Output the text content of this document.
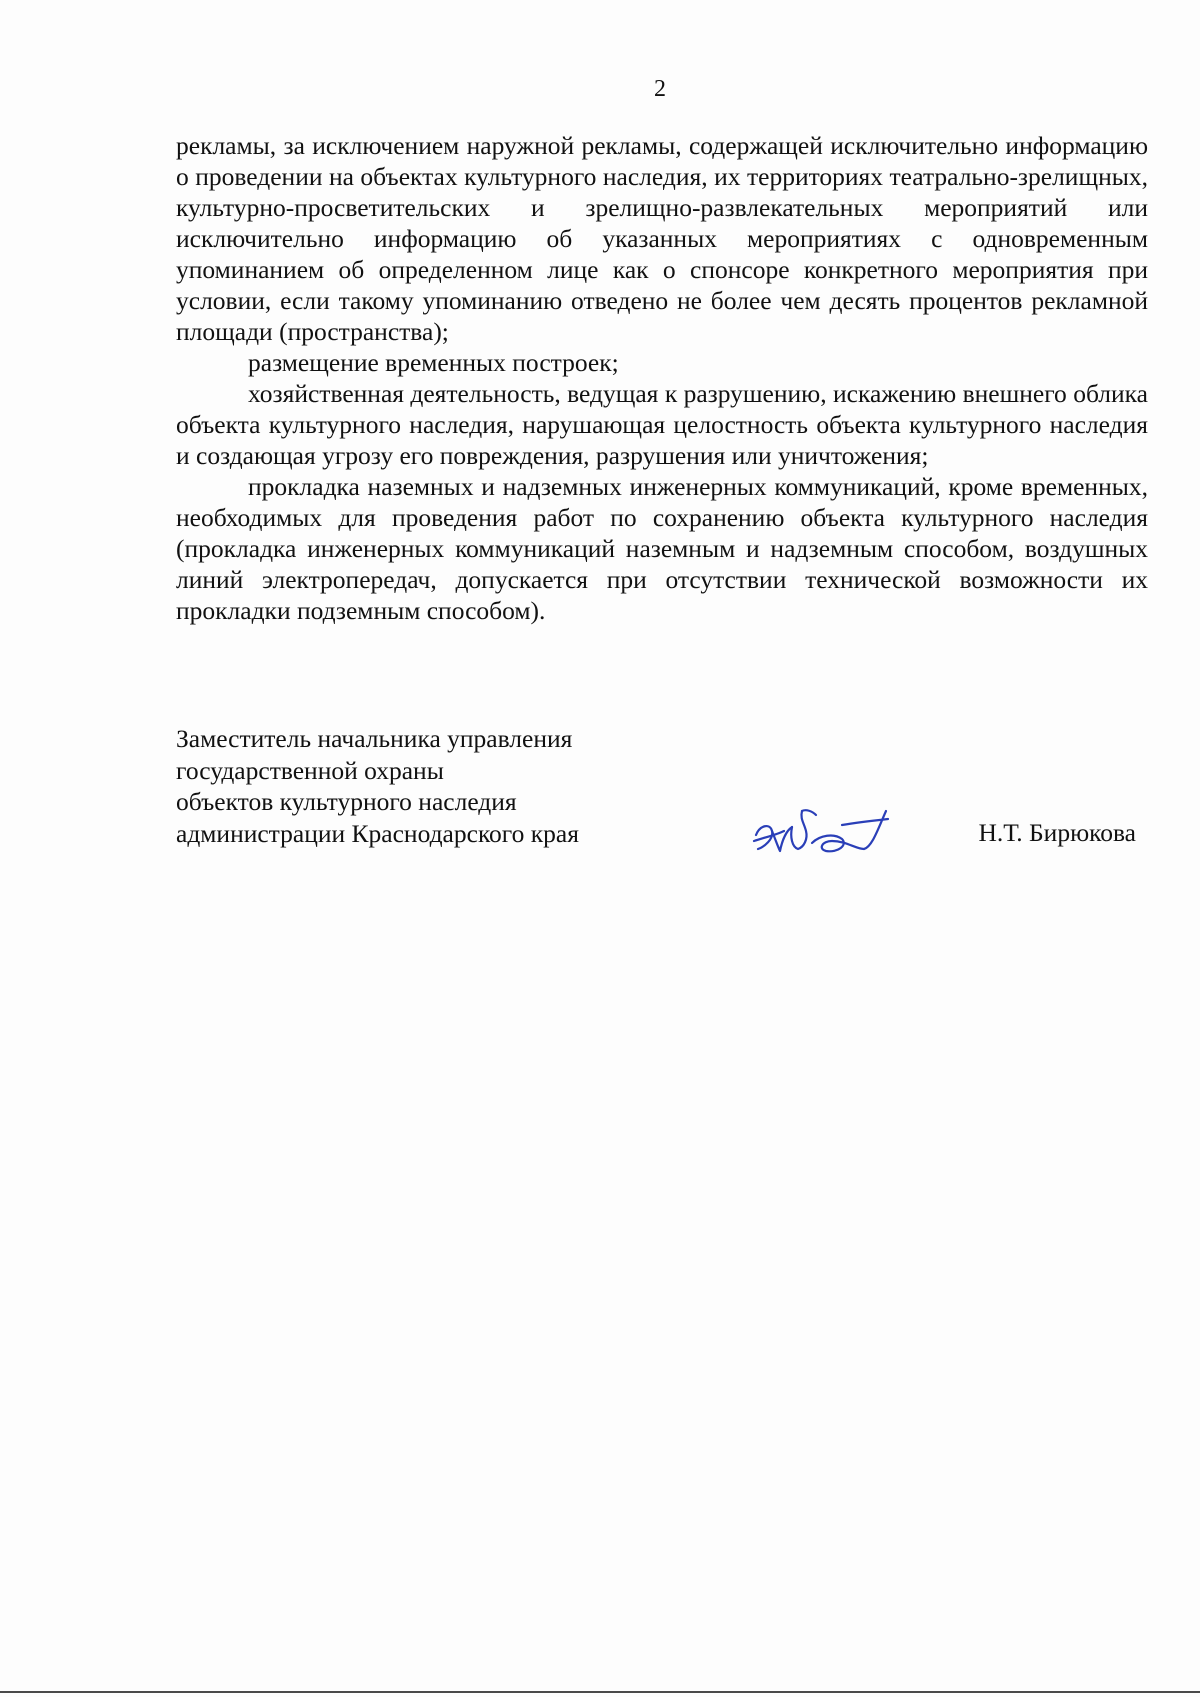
2

рекламы, за исключением наружной рекламы, содержащей исключительно информацию о проведении на объектах культурного наследия, их территориях театрально-зрелищных, культурно-просветительских и зрелищно-развлекательных мероприятий или исключительно информацию об указанных мероприятиях с одновременным упоминанием об определенном лице как о спонсоре конкретного мероприятия при условии, если такому упоминанию отведено не более чем десять процентов рекламной площади (пространства);

размещение временных построек;

хозяйственная деятельность, ведущая к разрушению, искажению внешнего облика объекта культурного наследия, нарушающая целостность объекта культурного наследия и создающая угрозу его повреждения, разрушения или уничтожения;

прокладка наземных и надземных инженерных коммуникаций, кроме временных, необходимых для проведения работ по сохранению объекта культурного наследия (прокладка инженерных коммуникаций наземным и надземным способом, воздушных линий электропередач, допускается при отсутствии технической возможности их прокладки подземным способом).

Заместитель начальника управления
государственной охраны
объектов культурного наследия
администрации Краснодарского края	Н.Т. Бирюкова
